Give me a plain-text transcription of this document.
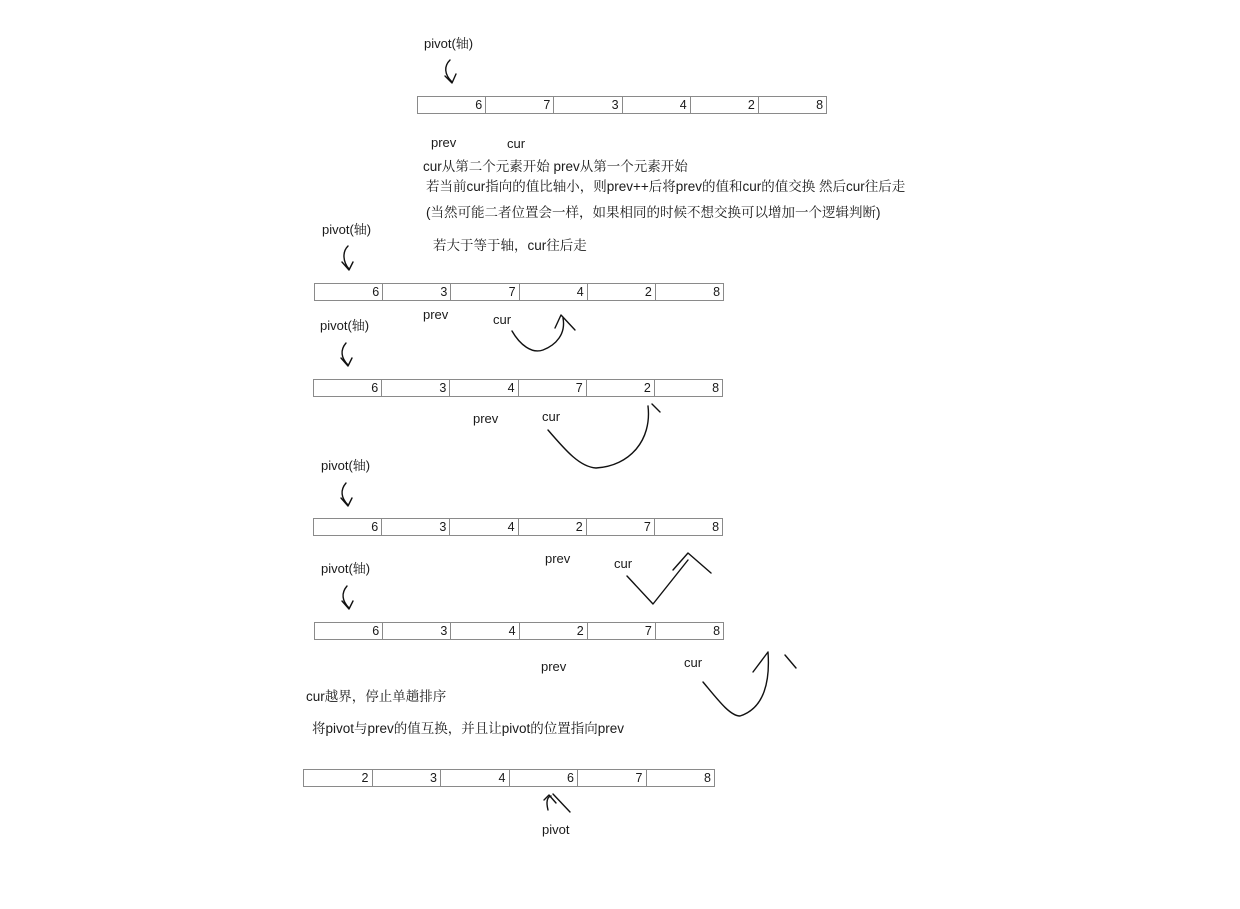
pivot(轴)
6	7	3	4	2	8
prev	cur
cur从第二个元素开始 prev从第一个元素开始
若当前cur指向的值比轴小，则prev++后将prev的值和cur的值交换 然后cur往后走
(当然可能二者位置会一样，如果相同的时候不想交换可以增加一个逻辑判断)
若大于等于轴，cur往后走
pivot(轴)
6	3	7	4	2	8
prev	cur
pivot(轴)
6	3	4	7	2	8
prev	cur
pivot(轴)
6	3	4	2	7	8
prev	cur
pivot(轴)
6	3	4	2	7	8
prev	cur
cur越界，停止单趟排序
将pivot与prev的值互换，并且让pivot的位置指向prev
2	3	4	6	7	8
pivot
